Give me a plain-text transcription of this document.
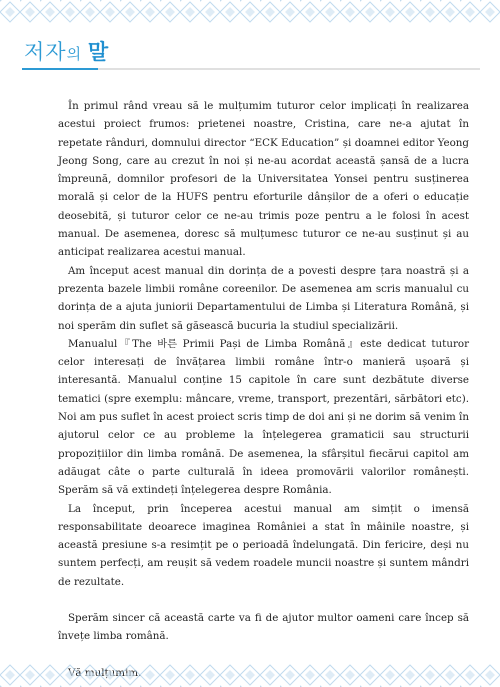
저자의 말

În primul rând vreau să le mulțumim tuturor celor implicați în realizarea acestui proiect frumos: prietenei noastre, Cristina, care ne-a ajutat în repetate rânduri, domnului director “ECK Education” și doamnei editor Yeong Jeong Song, care au crezut în noi și ne-au acordat această șansă de a lucra împreună, domnilor profesori de la Universitatea Yonsei pentru susținerea morală și celor de la HUFS pentru eforturile dânșilor de a oferi o educație deosebită, și tuturor celor ce ne-au trimis poze pentru a le folosi în acest manual. De asemenea, doresc să mulțumesc tuturor ce ne-au susținut și au anticipat realizarea acestui manual.

Am început acest manual din dorința de a povesti despre țara noastră și a prezenta bazele limbii române coreenilor. De asemenea am scris manualul cu dorința de a ajuta juniorii Departamentului de Limba și Literatura Română, și noi sperăm din suflet să găsească bucuria la studiul specializării.

Manualul『The 바른 Primii Pași de Limba Română』este dedicat tuturor celor interesați de învățarea limbii române într-o manieră ușoară și interesantă. Manualul conține 15 capitole în care sunt dezbătute diverse tematici (spre exemplu: mâncare, vreme, transport, prezentări, sărbători etc). Noi am pus suflet în acest proiect scris timp de doi ani și ne dorim să venim în ajutorul celor ce au probleme la înțelegerea gramaticii sau structurii propozițiilor din limba română. De asemenea, la sfârșitul fiecărui capitol am adăugat câte o parte culturală în ideea promovării valorilor românești. Sperăm să vă extindeți înțelegerea despre România.

La început, prin începerea acestui manual am simțit o imensă responsabilitate deoarece imaginea României a stat în mâinile noastre, și această presiune s-a resimțit pe o perioadă îndelungată. Din fericire, deși nu suntem perfecți, am reușit să vedem roadele muncii noastre și suntem mândri de rezultate.

Sperăm sincer că această carte va fi de ajutor multor oameni care încep să învețe limba română.
